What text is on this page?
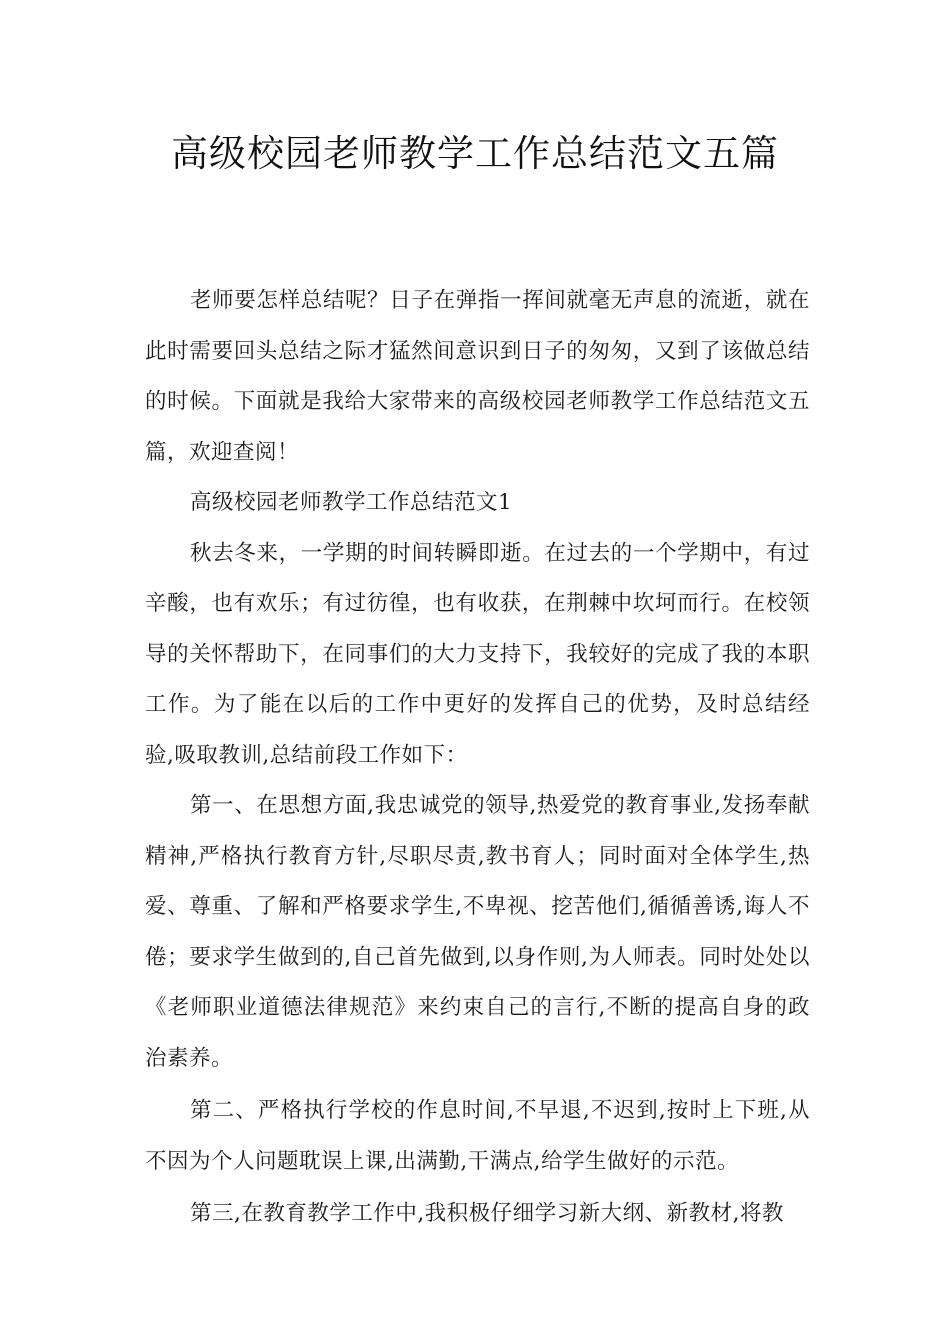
高级校园老师教学工作总结范文五篇

老师要怎样总结呢？日子在弹指一挥间就毫无声息的流逝，就在此时需要回头总结之际才猛然间意识到日子的匆匆，又到了该做总结的时候。下面就是我给大家带来的高级校园老师教学工作总结范文五篇，欢迎查阅！

高级校园老师教学工作总结范文1

秋去冬来，一学期的时间转瞬即逝。在过去的一个学期中，有过辛酸，也有欢乐；有过彷徨，也有收获，在荆棘中坎坷而行。在校领导的关怀帮助下，在同事们的大力支持下，我较好的完成了我的本职工作。为了能在以后的工作中更好的发挥自己的优势，及时总结经验,吸取教训,总结前段工作如下：

第一、在思想方面,我忠诚党的领导,热爱党的教育事业,发扬奉献精神,严格执行教育方针,尽职尽责,教书育人；同时面对全体学生,热爱、尊重、了解和严格要求学生,不卑视、挖苦他们,循循善诱,诲人不倦；要求学生做到的,自己首先做到,以身作则,为人师表。同时处处以《老师职业道德法律规范》来约束自己的言行,不断的提高自身的政治素养。

第二、严格执行学校的作息时间,不早退,不迟到,按时上下班,从不因为个人问题耽误上课,出满勤,干满点,给学生做好的示范。

第三,在教育教学工作中,我积极仔细学习新大纲、新教材,将教
